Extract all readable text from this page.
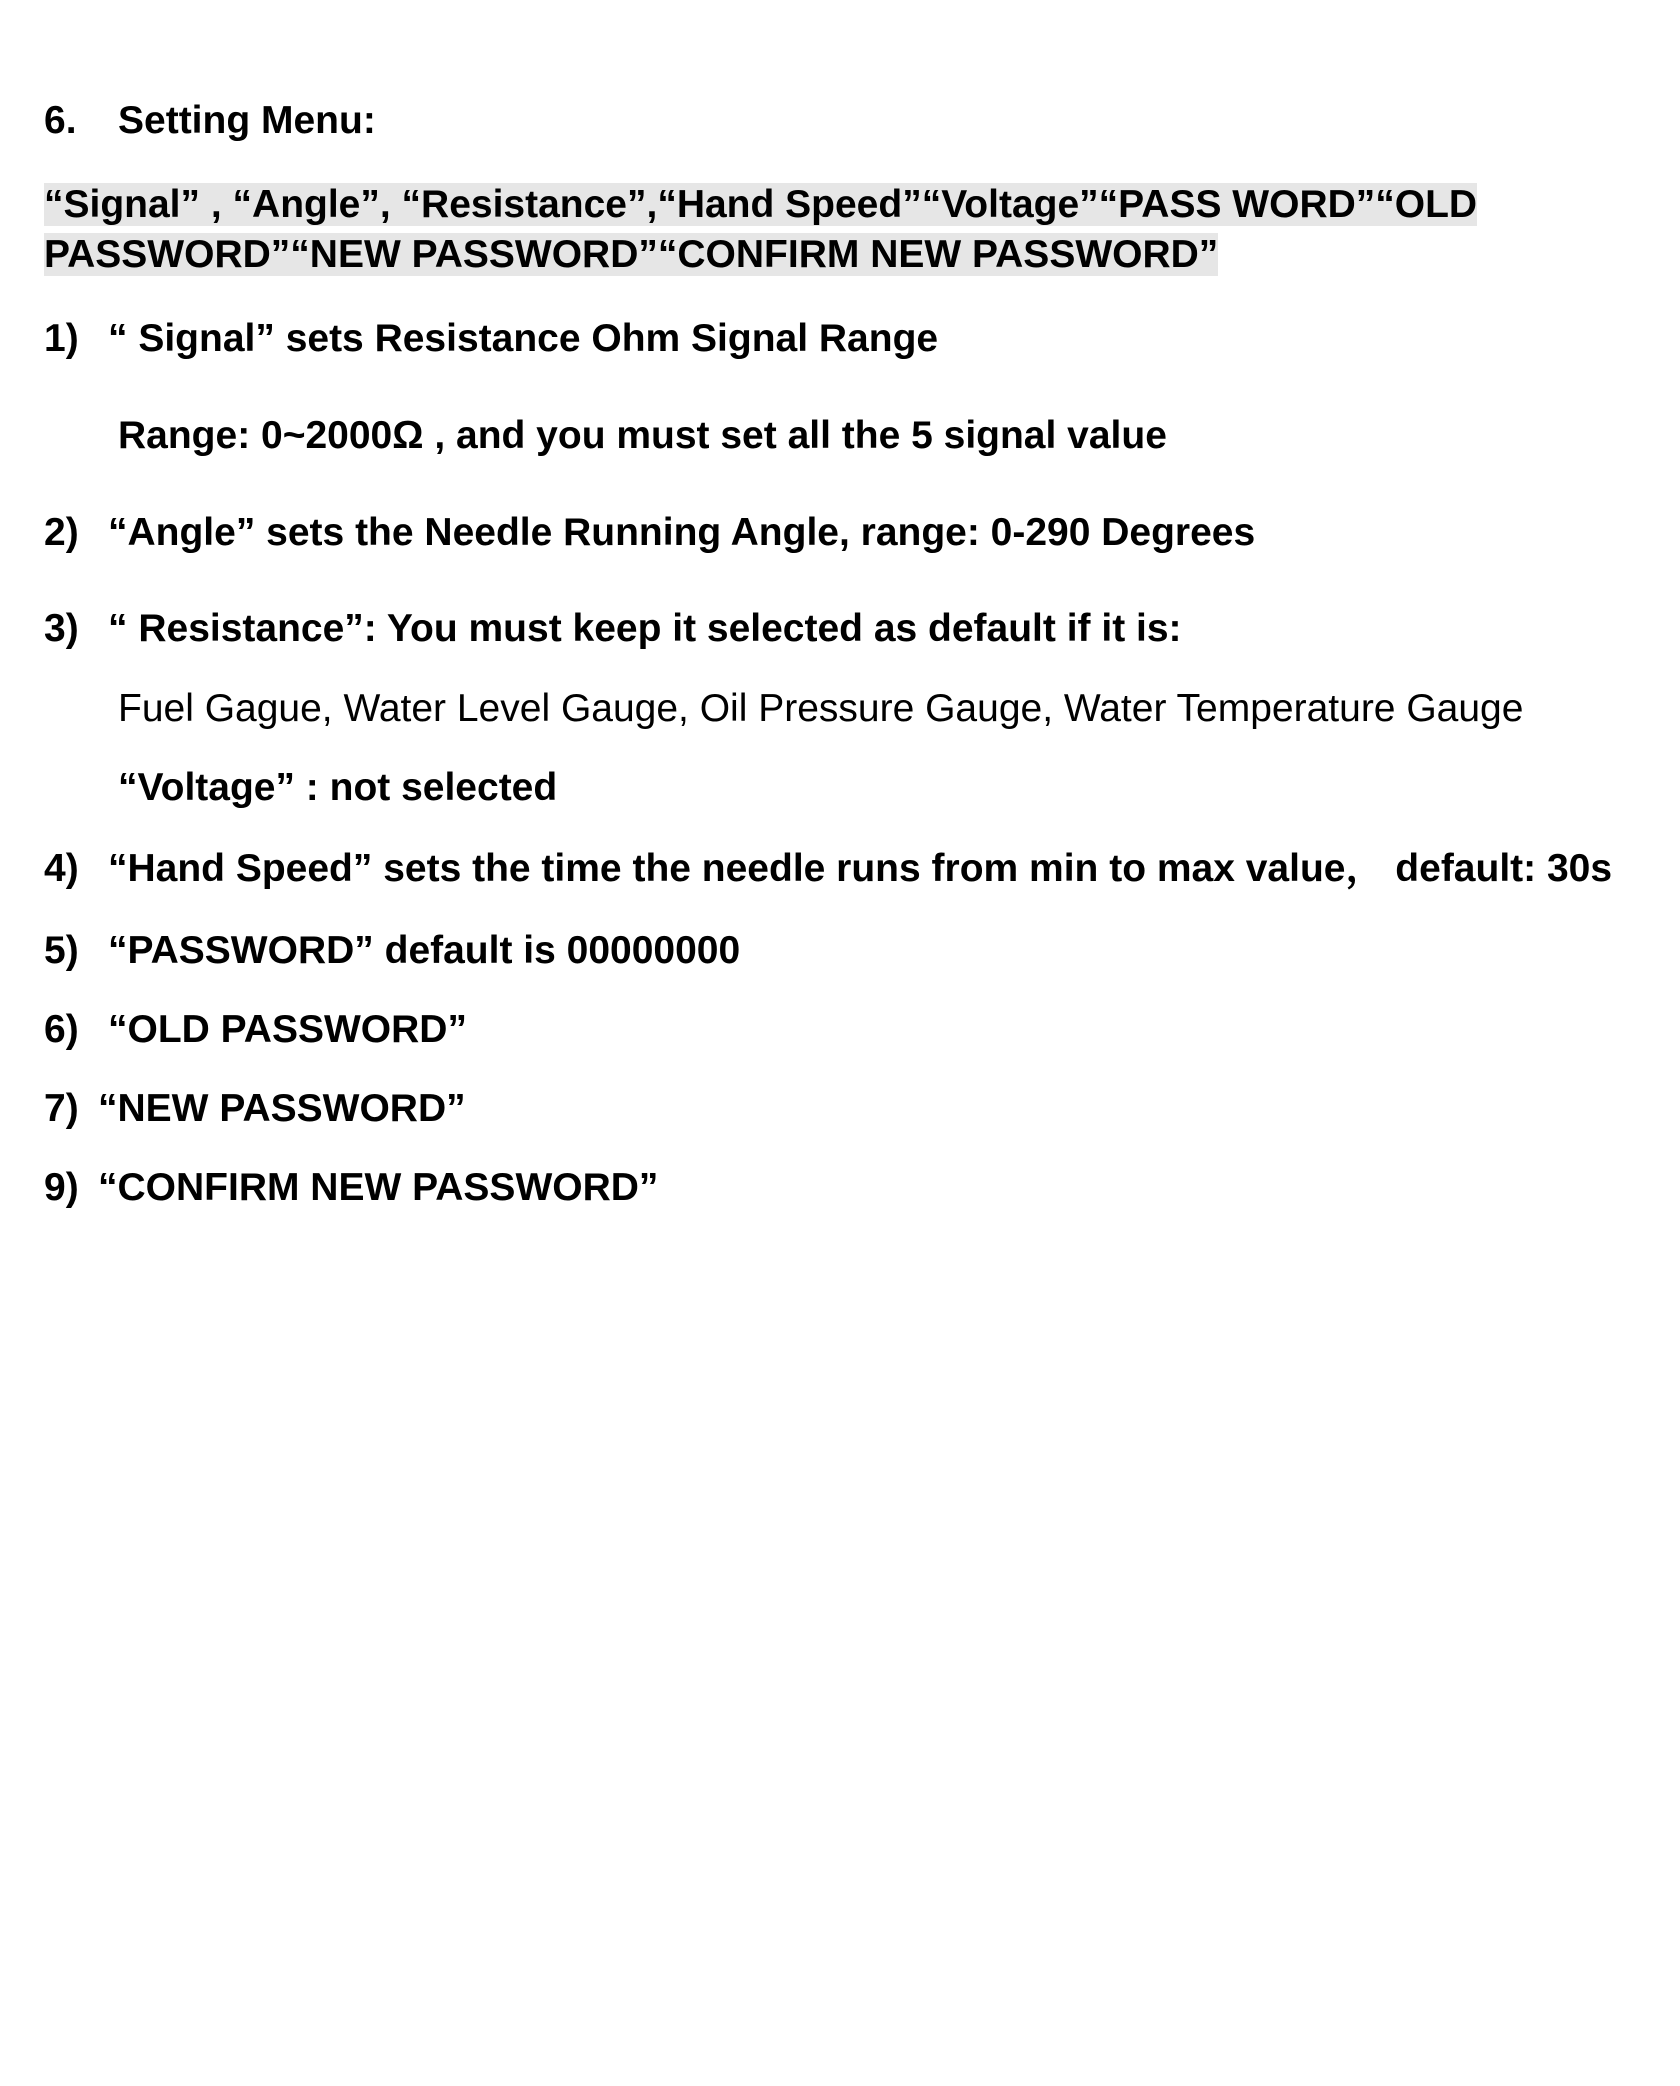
6. Setting Menu:
“Signal” , “Angle”, “Resistance”,“Hand Speed”“Voltage”“PASS WORD”“OLD
PASSWORD”“NEW PASSWORD”“CONFIRM NEW PASSWORD”
1) “ Signal” sets Resistance Ohm Signal Range
Range: 0~2000Ω , and you must set all the 5 signal value
2) “Angle” sets the Needle Running Angle, range: 0-290 Degrees
3) “ Resistance”: You must keep it selected as default if it is:
Fuel Gague, Water Level Gauge, Oil Pressure Gauge, Water Temperature Gauge
“Voltage” : not selected
4) “Hand Speed” sets the time the needle runs from min to max value， default: 30s
5) “PASSWORD” default is 00000000
6) “OLD PASSWORD”
7) “NEW PASSWORD”
9) “CONFIRM NEW PASSWORD”
